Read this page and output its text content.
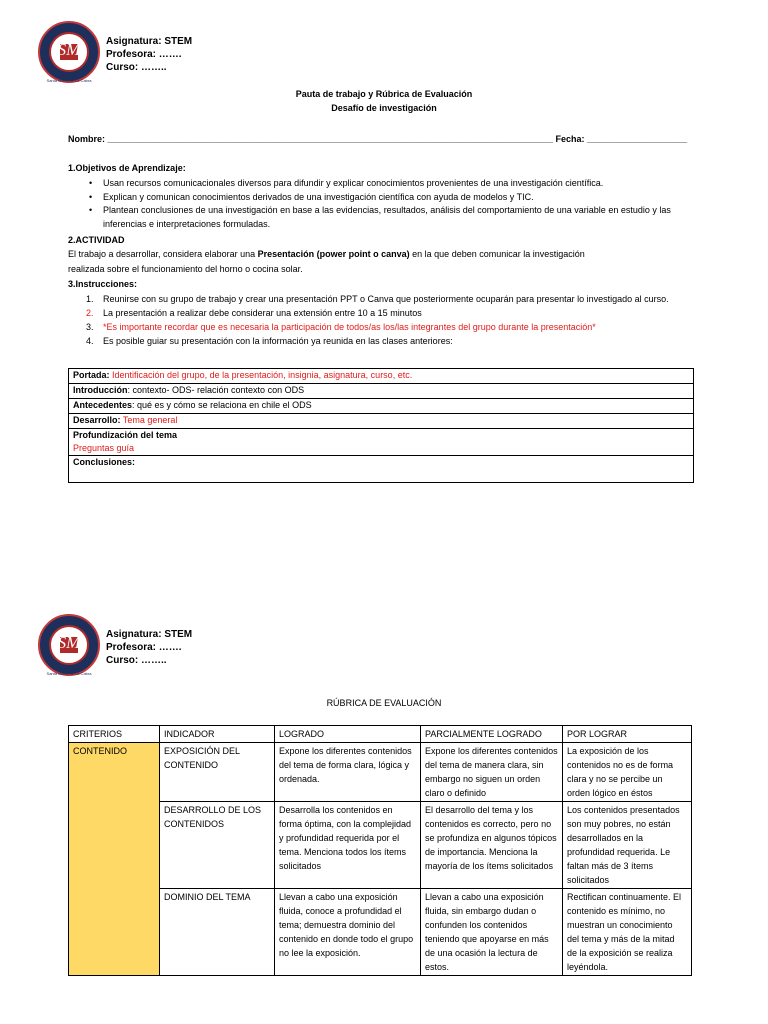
SM
Colegio
Santa María de La Cabra
Asignatura: STEM
Profesora: …….
Curso: ……..
Pauta de trabajo y Rúbrica de Evaluación
Desafío de investigación
Nombre: _________________________________________________________________________________________ Fecha: ____________________
1.Objetivos de Aprendizaje:
• Usan recursos comunicacionales diversos para difundir y explicar conocimientos provenientes de una investigación científica.
• Explican y comunican conocimientos derivados de una investigación científica con ayuda de modelos y TIC.
• Plantean conclusiones de una investigación en base a las evidencias, resultados, análisis del comportamiento de una variable en estudio y las inferencias e interpretaciones formuladas.
2.ACTIVIDAD
El trabajo a desarrollar, considera elaborar una Presentación (power point o canva) en la que deben comunicar la investigación
realizada sobre el funcionamiento del horno o cocina solar.
3.Instrucciones:
1. Reunirse con su grupo de trabajo y crear una presentación PPT o Canva que posteriormente ocuparán para presentar lo investigado al curso.
2. La presentación a realizar debe considerar una extensión entre 10 a 15 minutos
3. *Es importante recordar que es necesaria la participación de todos/as los/las integrantes del grupo durante la presentación*
4. Es posible guiar su presentación con la información ya reunida en las clases anteriores:
Portada: Identificación del grupo, de la presentación, insignia, asignatura, curso, etc.
Introducción: contexto- ODS- relación contexto con ODS
Antecedentes: qué es y cómo se relaciona en chile el ODS
Desarrollo: Tema general
Profundización del tema
Preguntas guía
Conclusiones:
SM
Colegio
Santa María de La Cabra
Asignatura: STEM
Profesora: …….
Curso: ……..
RÚBRICA DE EVALUACIÓN
CRITERIOS	INDICADOR	LOGRADO	PARCIALMENTE LOGRADO	POR LOGRAR
CONTENIDO	EXPOSICIÓN DEL CONTENIDO	Expone los diferentes contenidos del tema de forma clara, lógica y ordenada.	Expone los diferentes contenidos del tema de manera clara, sin embargo no siguen un orden claro o definido	La exposición de los contenidos no es de forma clara y no se percibe un orden lógico en éstos
	DESARROLLO DE LOS CONTENIDOS	Desarrolla los contenidos en forma óptima, con la complejidad y profundidad requerida por el tema. Menciona todos los ítems solicitados	El desarrollo del tema y los contenidos es correcto, pero no se profundiza en algunos tópicos de importancia. Menciona la mayoría de los ítems solicitados	Los contenidos presentados son muy pobres, no están desarrollados en la profundidad requerida. Le faltan más de 3 ítems solicitados
	DOMINIO DEL TEMA	Llevan a cabo una exposición fluida, conoce a profundidad el tema; demuestra dominio del contenido en donde todo el grupo no lee la exposición.	Llevan a cabo una exposición fluida, sin embargo dudan o confunden los contenidos teniendo que apoyarse en más de una ocasión la lectura de estos.	Rectifican continuamente. El contenido es mínimo, no muestran un conocimiento del tema y más de la mitad de la exposición se realiza leyéndola.
